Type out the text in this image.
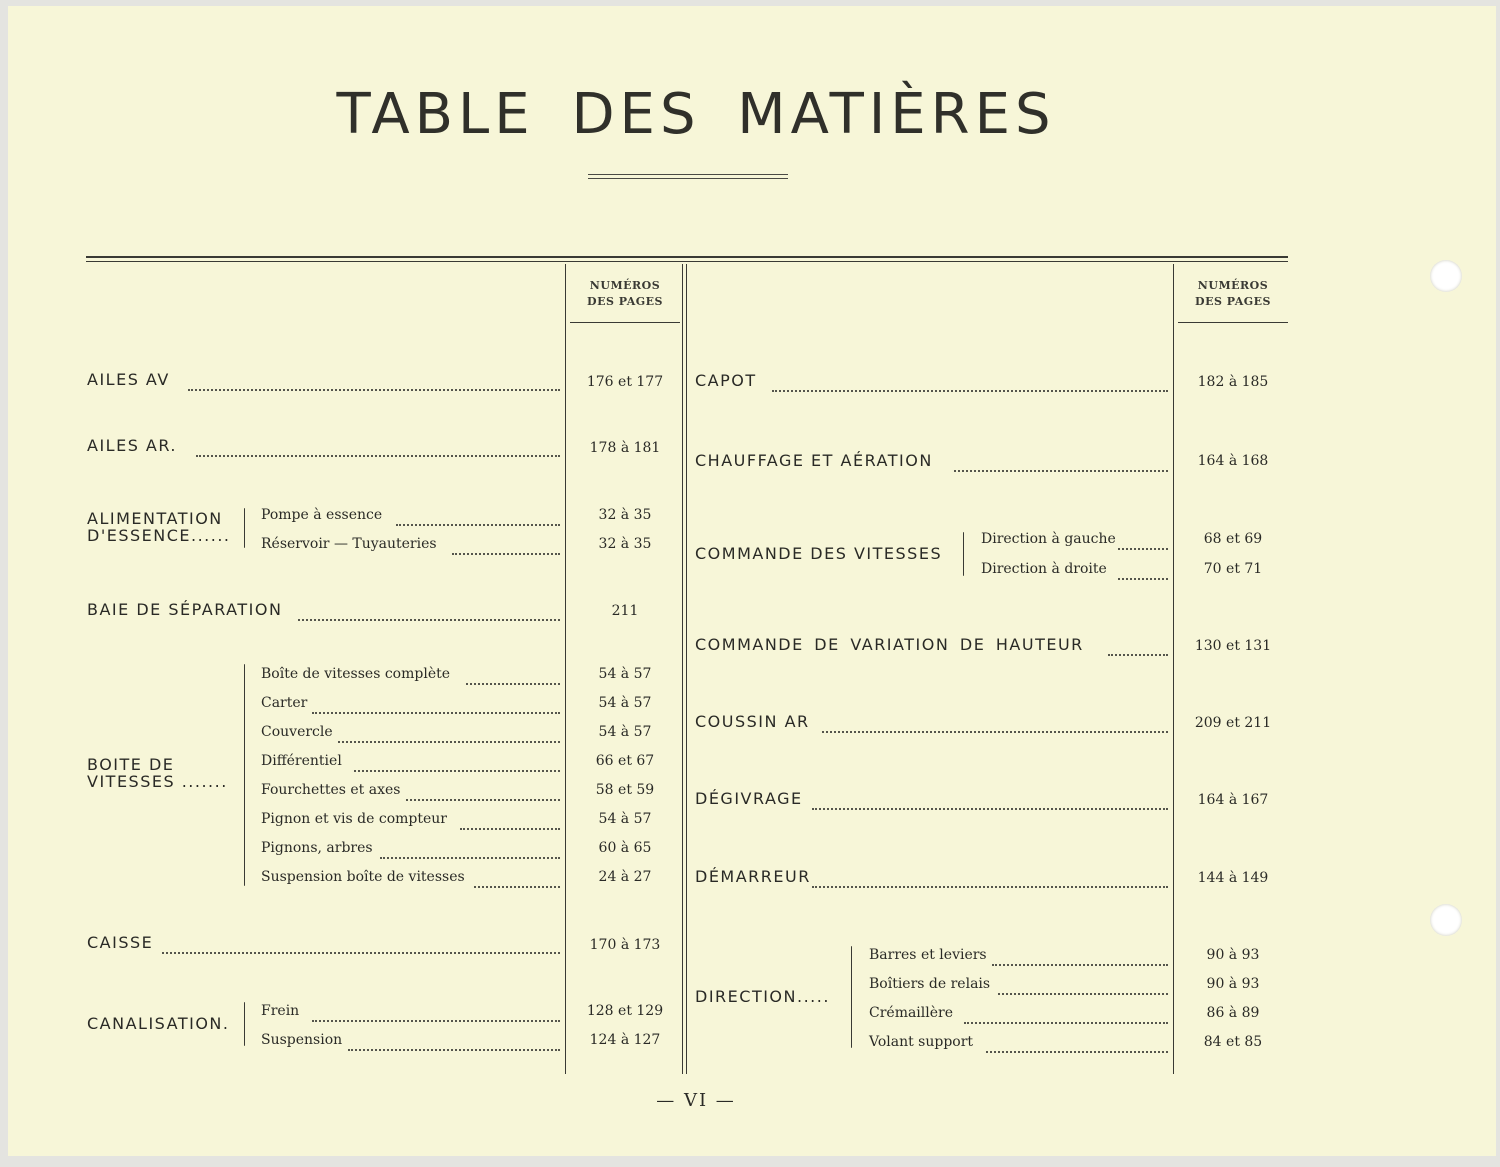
TABLE DES MATIÈRES
NUMÉROS
DES PAGES
NUMÉROS
DES PAGES
AILES AV	176 et 177
AILES AR.	178 à 181
ALIMENTATION
D'ESSENCE......
Pompe à essence	32 à 35
Réservoir — Tuyauteries	32 à 35
BAIE DE SÉPARATION	211
BOITE DE
VITESSES .......
Boîte de vitesses complète	54 à 57
Carter	54 à 57
Couvercle	54 à 57
Différentiel	66 et 67
Fourchettes et axes	58 et 59
Pignon et vis de compteur	54 à 57
Pignons, arbres	60 à 65
Suspension boîte de vitesses	24 à 27
CAISSE	170 à 173
CANALISATION.
Frein	128 et 129
Suspension	124 à 127
CAPOT	182 à 185
CHAUFFAGE ET AÉRATION	164 à 168
COMMANDE DES VITESSES
Direction à gauche	68 et 69
Direction à droite	70 et 71
COMMANDE DE VARIATION DE HAUTEUR	130 et 131
COUSSIN AR	209 et 211
DÉGIVRAGE	164 à 167
DÉMARREUR	144 à 149
DIRECTION.....
Barres et leviers	90 à 93
Boîtiers de relais	90 à 93
Crémaillère	86 à 89
Volant support	84 et 85
— VI —
